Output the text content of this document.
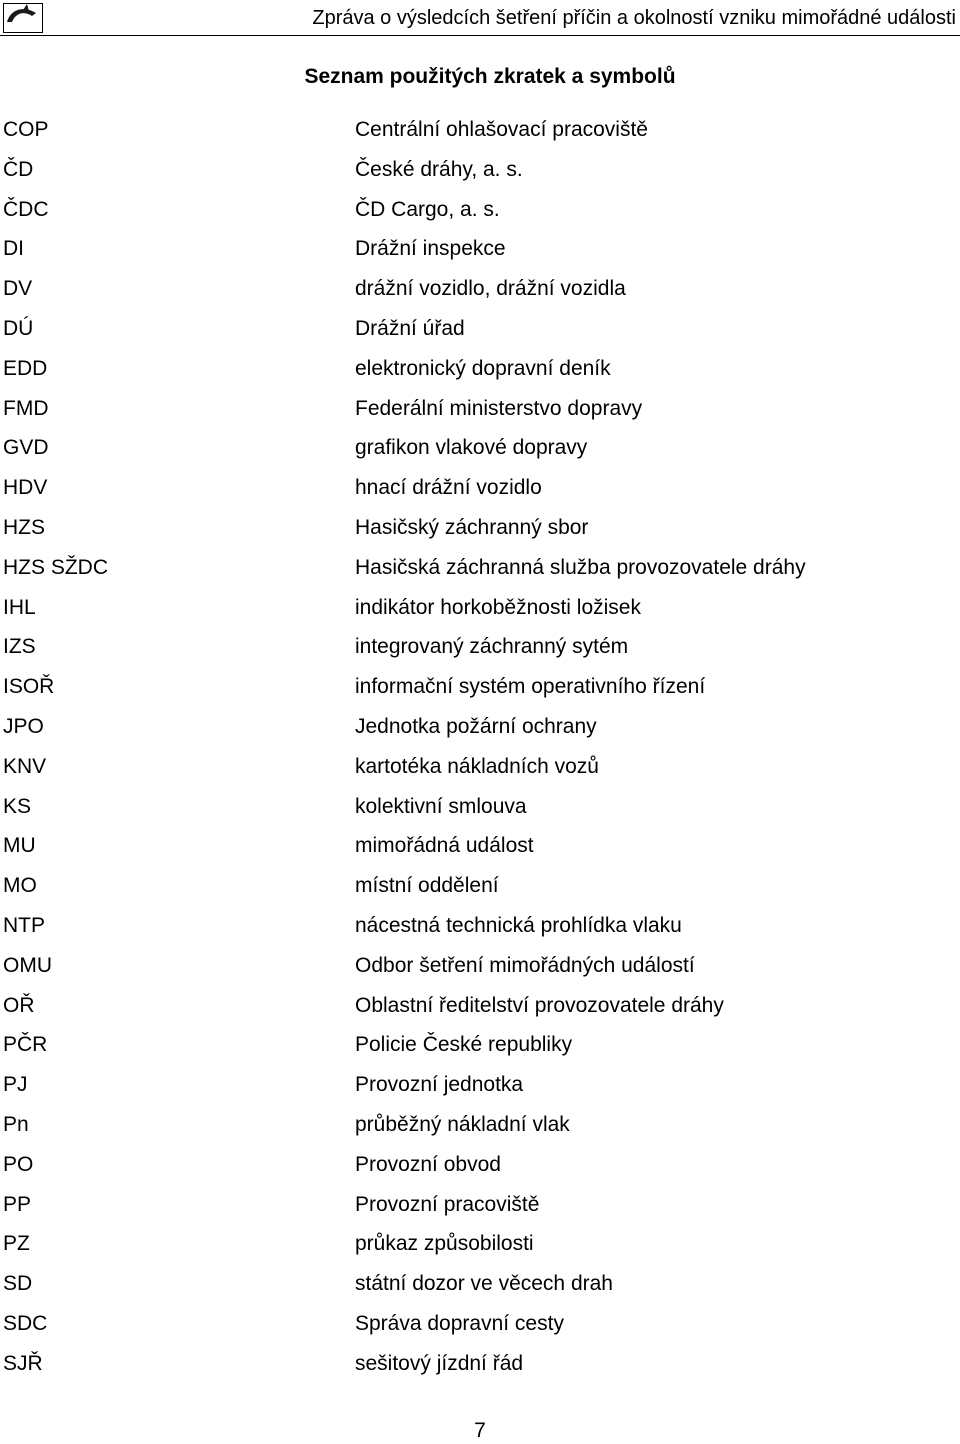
Zpráva o výsledcích šetření příčin a okolností vzniku mimořádné události
Seznam použitých zkratek a symbolů
COP	Centrální ohlašovací pracoviště
ČD	České dráhy, a. s.
ČDC	ČD Cargo, a. s.
DI	Drážní inspekce
DV	drážní vozidlo, drážní vozidla
DÚ	Drážní úřad
EDD	elektronický dopravní deník
FMD	Federální ministerstvo dopravy
GVD	grafikon vlakové dopravy
HDV	hnací drážní vozidlo
HZS	Hasičský záchranný sbor
HZS SŽDC	Hasičská záchranná služba provozovatele dráhy
IHL	indikátor horkoběžnosti ložisek
IZS	integrovaný záchranný sytém
ISOŘ	informační systém operativního řízení
JPO	Jednotka požární ochrany
KNV	kartotéka nákladních vozů
KS	kolektivní smlouva
MU	mimořádná událost
MO	místní oddělení
NTP	nácestná technická prohlídka vlaku
OMU	Odbor šetření mimořádných událostí
OŘ	Oblastní ředitelství provozovatele dráhy
PČR	Policie České republiky
PJ	Provozní jednotka
Pn	průběžný nákladní vlak
PO	Provozní obvod
PP	Provozní pracoviště
PZ	průkaz způsobilosti
SD	státní dozor ve věcech drah
SDC	Správa dopravní cesty
SJŘ	sešitový jízdní řád
7
